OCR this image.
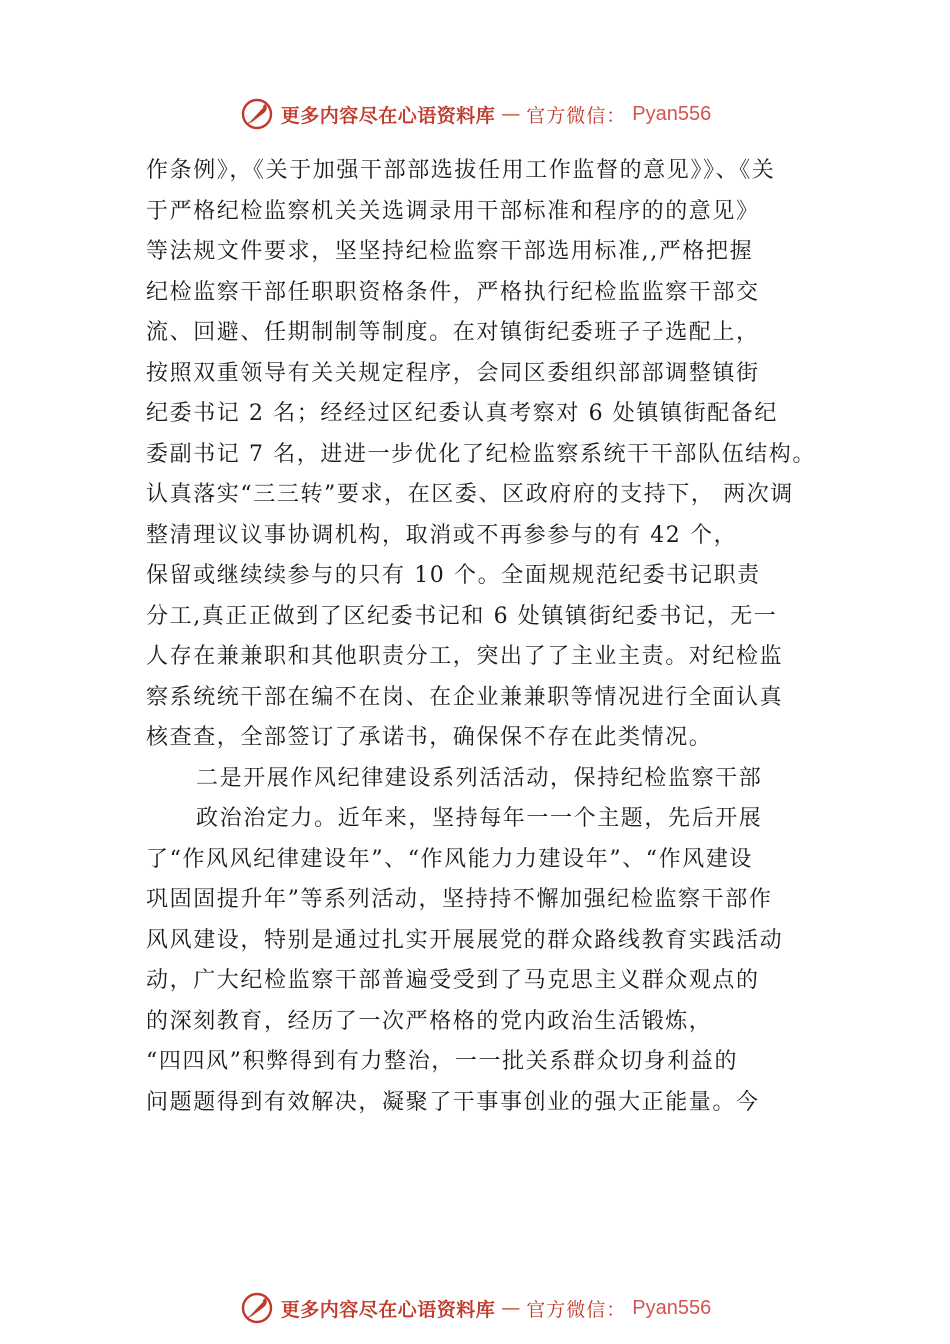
更多内容尽在心语资料库 — 官方微信： Pyan556
作条例》，《关于加强干部部选拔任用工作监督的意见》》、《关
于严格纪检监察机关关选调录用干部标准和程序的的意见》
等法规文件要求，坚坚持纪检监察干部选用标准,,严格把握
纪检监察干部任职职资格条件，严格执行纪检监监察干部交
流、回避、任期制制等制度。在对镇街纪委班子子选配上，
按照双重领导有关关规定程序，会同区委组织部部调整镇街
纪委书记 2 名；经经过区纪委认真考察对 6 处镇镇街配备纪
委副书记 7 名，进进一步优化了纪检监察系统干干部队伍结构。
认真落实“三三转”要求，在区委、区政府府的支持下， 两次调
整清理议议事协调机构，取消或不再参参与的有 42 个，
保留或继续续参与的只有 10 个。全面规规范纪委书记职责
分工,真正正做到了区纪委书记和 6 处镇镇街纪委书记，无一
人存在兼兼职和其他职责分工，突出了了主业主责。对纪检监
察系统统干部在编不在岗、在企业兼兼职等情况进行全面认真
核查查，全部签订了承诺书，确保保不存在此类情况。
二是开展作风纪律建设系列活活动，保持纪检监察干部
政治治定力。近年来，坚持每年一一个主题，先后开展
了“作风风纪律建设年”、“作风能力力建设年”、“作风建设
巩固固提升年”等系列活动，坚持持不懈加强纪检监察干部作
风风建设，特别是通过扎实开展展党的群众路线教育实践活动
动，广大纪检监察干部普遍受受到了马克思主义群众观点的
的深刻教育，经历了一次严格格的党内政治生活锻炼，
“四四风”积弊得到有力整治，一一批关系群众切身利益的
问题题得到有效解决，凝聚了干事事创业的强大正能量。今
更多内容尽在心语资料库 — 官方微信： Pyan556
